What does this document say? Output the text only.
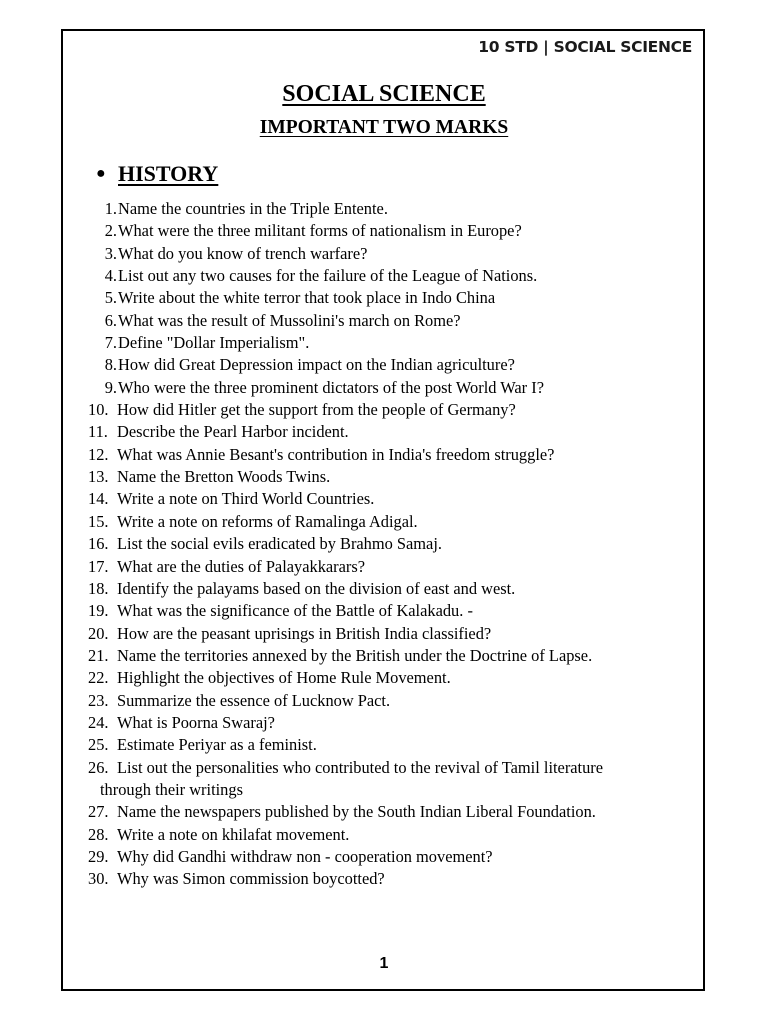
10 STD | SOCIAL SCIENCE
SOCIAL SCIENCE
IMPORTANT TWO MARKS
● HISTORY
1. Name the countries in the Triple Entente.
2. What were the three militant forms of nationalism in Europe?
3. What do you know of trench warfare?
4. List out any two causes for the failure of the League of Nations.
5. Write about the white terror that took place in Indo China
6. What was the result of Mussolini's march on Rome?
7. Define "Dollar Imperialism".
8. How did Great Depression impact on the Indian agriculture?
9. Who were the three prominent dictators of the post World War I?
10. How did Hitler get the support from the people of Germany?
11. Describe the Pearl Harbor incident.
12. What was Annie Besant's contribution in India's freedom struggle?
13. Name the Bretton Woods Twins.
14. Write a note on Third World Countries.
15. Write a note on reforms of Ramalinga Adigal.
16. List the social evils eradicated by Brahmo Samaj.
17. What are the duties of Palayakkarars?
18. Identify the palayams based on the division of east and west.
19. What was the significance of the Battle of Kalakadu. -
20. How are the peasant uprisings in British India classified?
21. Name the territories annexed by the British under the Doctrine of Lapse.
22. Highlight the objectives of Home Rule Movement.
23. Summarize the essence of Lucknow Pact.
24. What is Poorna Swaraj?
25. Estimate Periyar as a feminist.
26. List out the personalities who contributed to the revival of Tamil literature
through their writings
27. Name the newspapers published by the South Indian Liberal Foundation.
28. Write a note on khilafat movement.
29. Why did Gandhi withdraw non - cooperation movement?
30. Why was Simon commission boycotted?
1
